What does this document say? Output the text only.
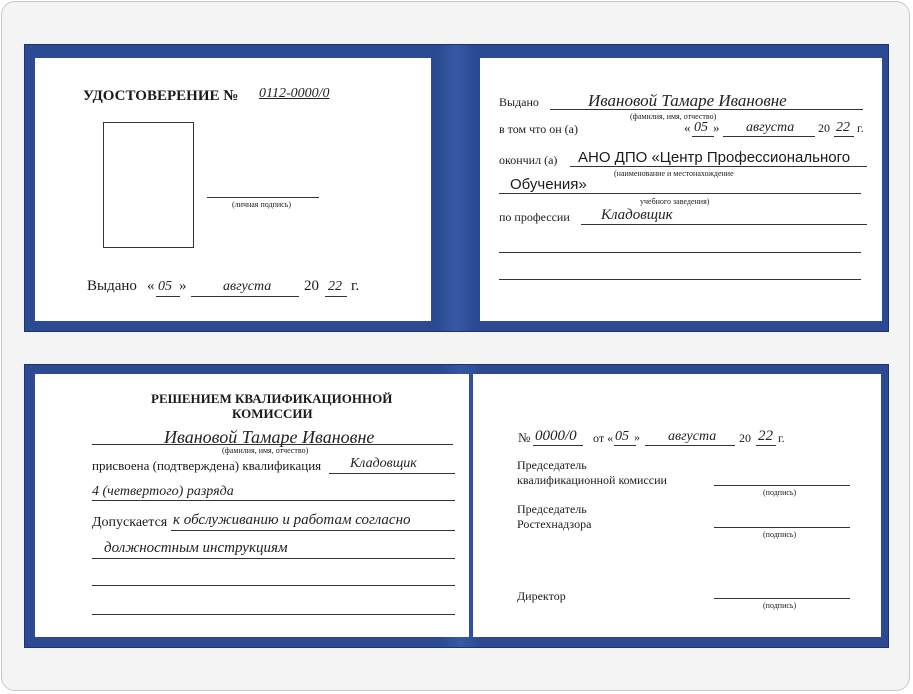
УДОСТОВЕРЕНИЕ № 0112-0000/0
(личная подпись)
Выдано « 05 »	августа 20 22 г.
Выдано	Ивановой Тамаре Ивановне
(фамилия, имя, отчество)
в том что он (а)	« 05 » августа 20 22 г.
окончил (а) АНО ДПО «Центр Профессионального
(наименование и местонахождение
Обучения»
учебного заведения)
по профессии Кладовщик
РЕШЕНИЕМ КВАЛИФИКАЦИОННОЙ
КОМИССИИ
Ивановой Тамаре Ивановне
(фамилия, имя, отчество)
присвоена (подтверждена) квалификация Кладовщик
4 (четвертого) разряда
Допускается к обслуживанию и работам согласно
должностным инструкциям
№ 0000/0 от « 05 » августа 20 22 г.
Председатель
квалификационной комиссии
(подпись)
Председатель
Ростехнадзора
(подпись)
Директор
(подпись)
